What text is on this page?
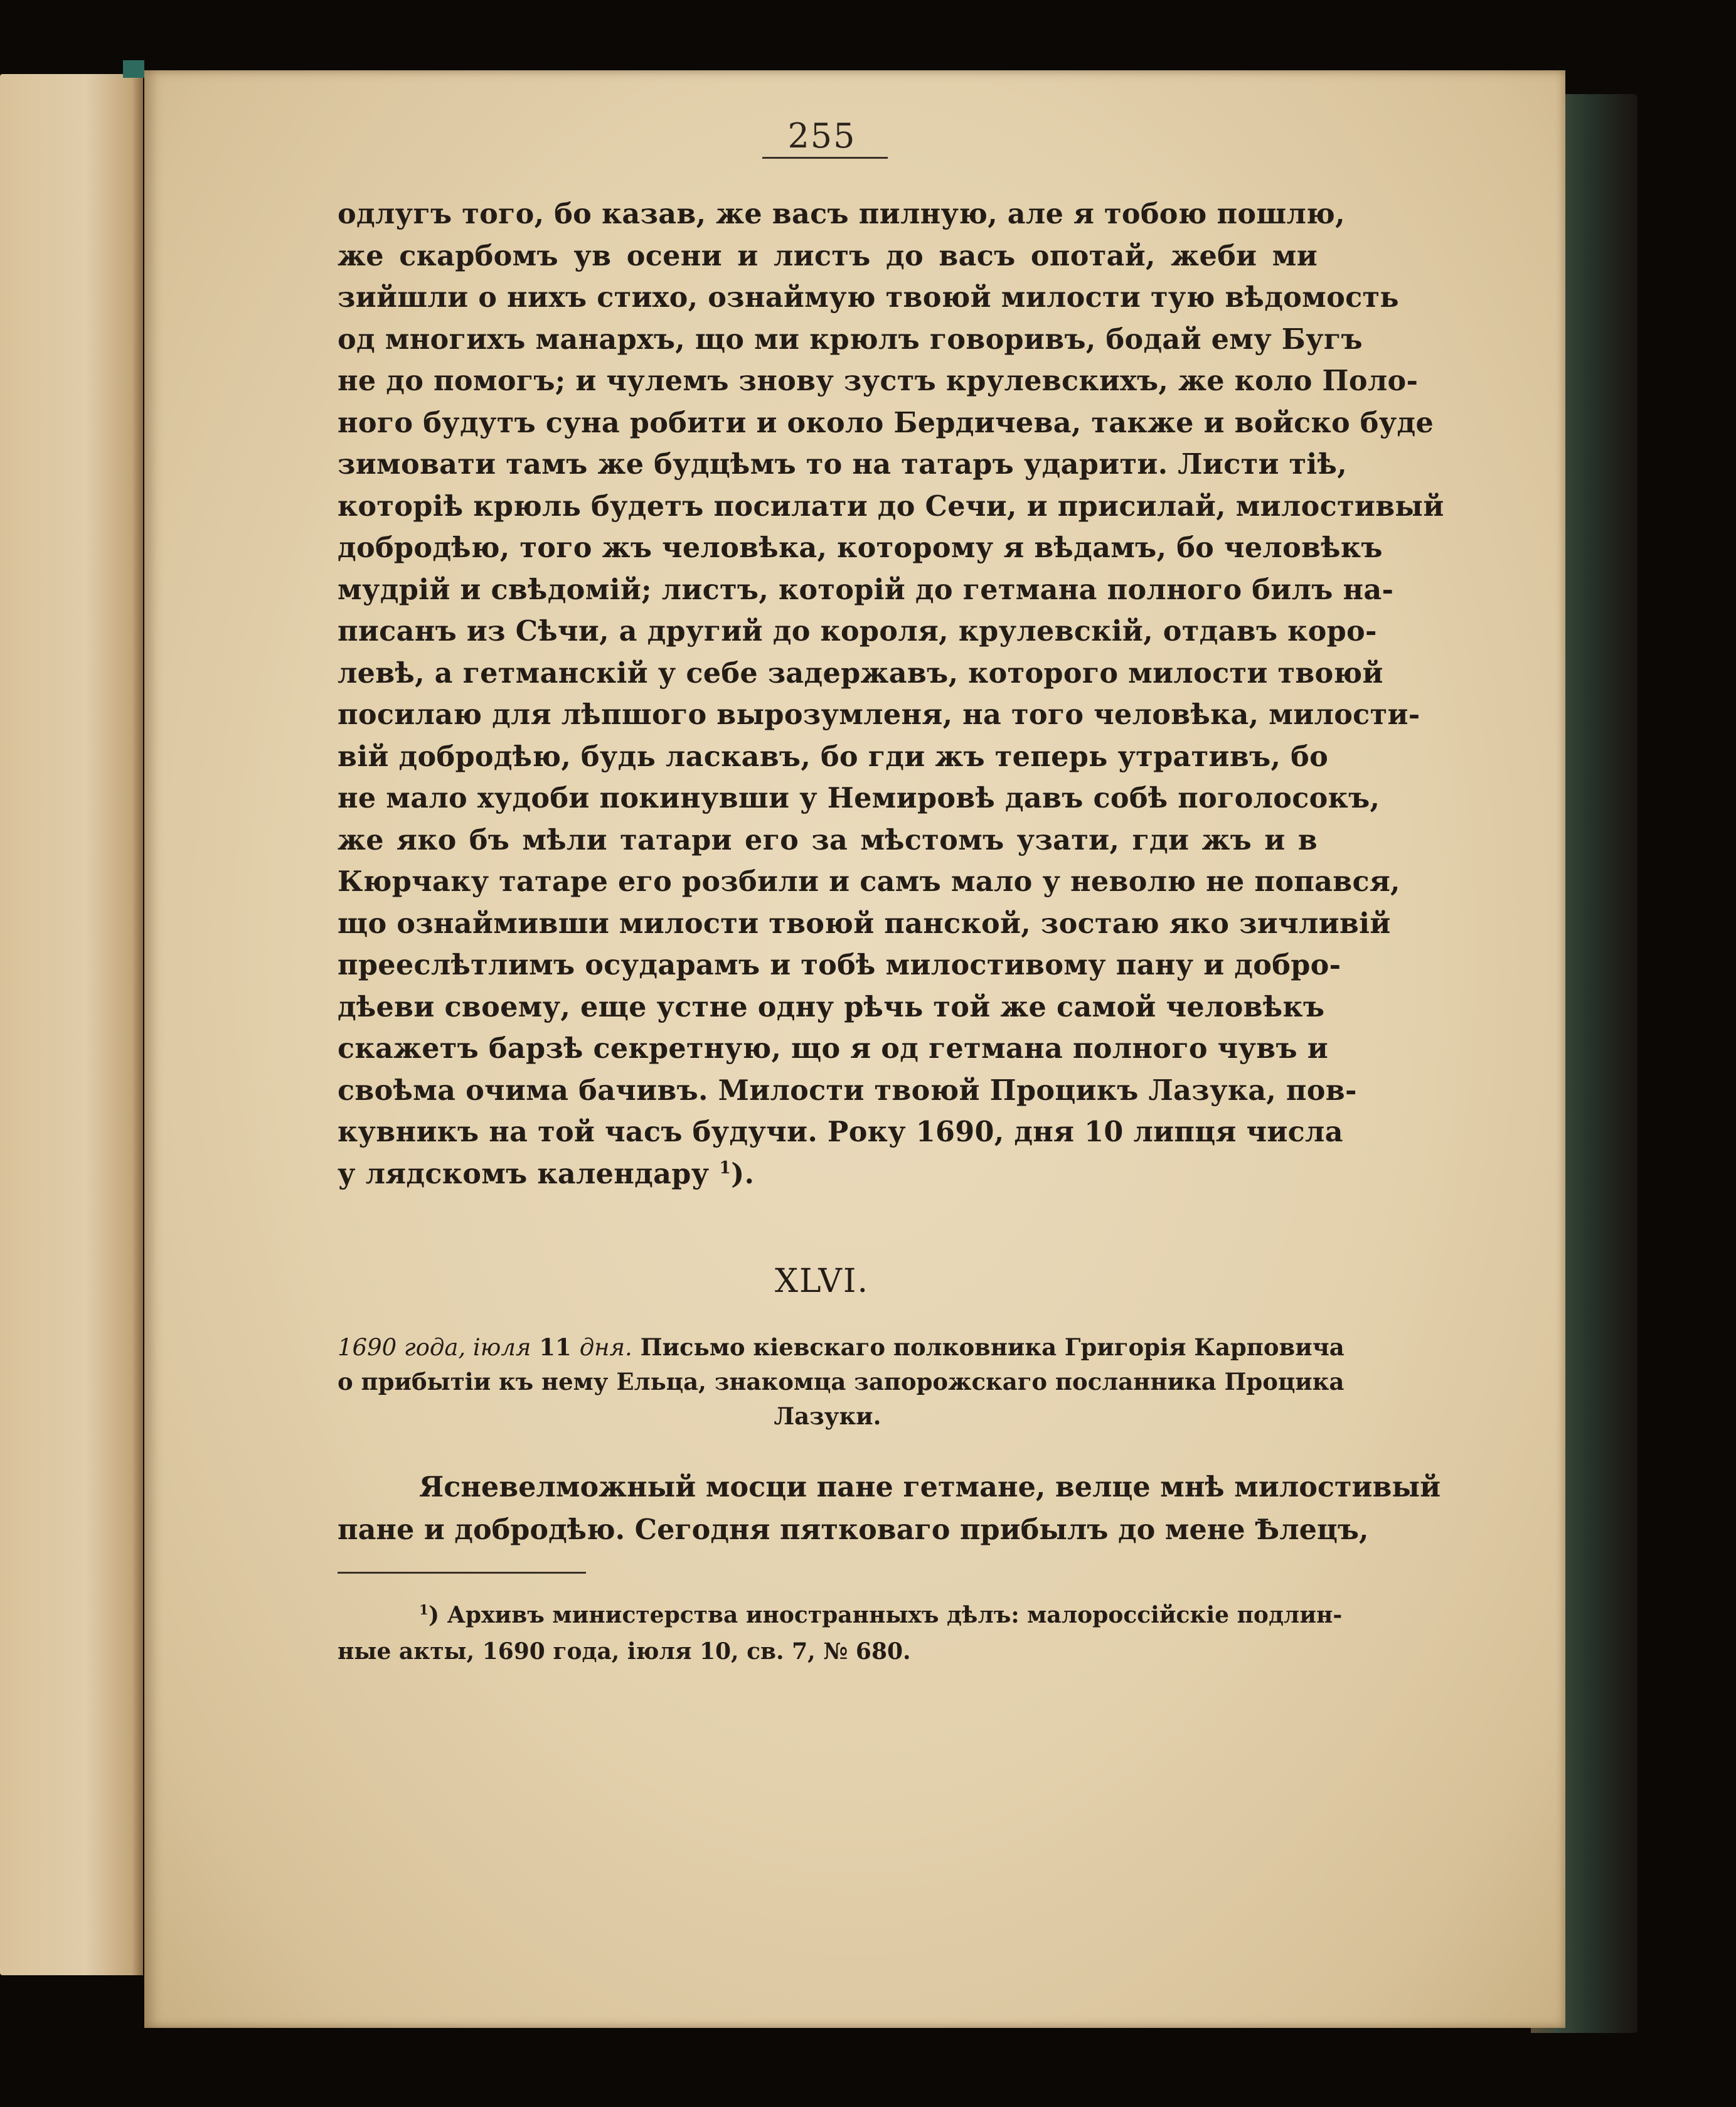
255
одлугъ того, бо казав, же васъ пилную, але я тобою пошлю,
же скарбомъ ув осени и листъ до васъ опотай, жеби ми
зийшли о нихъ стихо, ознаймую твоюй милости тую вѣдомость
од многихъ манархъ, що ми крюлъ говоривъ, бодай ему Бугъ
не до помогъ; и чулемъ знову зустъ крулевскихъ, же коло Поло-
ного будутъ суна робити и около Бердичева, также и войско буде
зимовати тамъ же будцѣмъ то на татаръ ударити. Листи тіѣ,
которіѣ крюль будетъ посилати до Сечи, и присилай, милостивый
добродѣю, того жъ человѣка, которому я вѣдамъ, бо человѣкъ
мудрій и свѣдомій; листъ, которій до гетмана полного билъ на-
писанъ из Сѣчи, а другий до короля, крулевскій, отдавъ коро-
левѣ, а гетманскій у себе задержавъ, которого милости твоюй
посилаю для лѣпшого вырозумленя, на того человѣка, милости-
вій добродѣю, будь ласкавъ, бо гди жъ теперь утративъ, бо
не мало худоби покинувши у Немировѣ давъ собѣ поголосокъ,
же яко бъ мѣли татари его за мѣстомъ узати, гди жъ и в
Кюрчаку татаре его розбили и самъ мало у неволю не попався,
що ознаймивши милости твоюй панской, зостаю яко зичливій
прееслѣтлимъ осударамъ и тобѣ милостивому пану и добро-
дѣеви своему, еще устне одну рѣчь той же самой человѣкъ
скажетъ барзѣ секретную, що я од гетмана полного чувъ и
своѣма очима бачивъ. Милости твоюй Процикъ Лазука, пов-
кувникъ на той часъ будучи. Року 1690, дня 10 липця числа
у лядскомъ календару $^1$).
XLVI.
1690 года, іюля 11 дня. Письмо кіевскаго полковника Григорія Карповича
о прибытіи къ нему Ельца, знакомца запорожскаго посланника Процика
Лазуки.
Ясневелможный мосци пане гетмане, велце мнѣ милостивый
пане и добродѣю. Сегодня пятковаго прибылъ до мене Ѣлецъ,
$^1$) Архивъ министерства иностранныхъ дѣлъ: малороссійскіе подлин-
ные акты, 1690 года, іюля 10, св. 7, № 680.
